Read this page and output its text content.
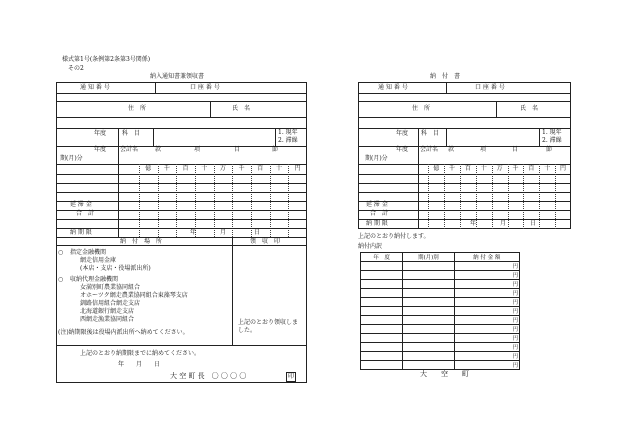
様式第1号(条例第2条第3号関係)
その2
納入通知書兼領収書
通 知 番 号	口 座 番 号
住　所	氏　名
年度	科　目	1. 現年
2. 滞繰
年度
期(月)分
会計名	款	項	目	節
億	千	百	十	万	千	百	十	円
延 滞 金
合　計
納 期 限	年	月	日
納　付　場　所	領　収　印
○ 指定金融機関
網走信用金庫
(本店・支店・役場派出所)
○ 収納代理金融機関
女満別町農業協同組合
オホーツク網走農業協同組合東藻琴支店
釧路信用組合網走支店
北海道銀行網走支店
西網走漁業協同組合
(注)納期限後は役場内派出所へ納めてください。
上記のとおり領収しました。
上記のとおり納期限までに納めてください。
年　　月　　日
大 空 町 長　〇 〇 〇 〇	印
納　付　書
通 知 番 号	口 座 番 号
住　所	氏　名
年度 科　目	1. 現年
2. 滞繰
年度
期(月)分
会計名 款	項	目	節
億	千	百	十	万	千	百	十	円
延 滞 金
合　計
納 期 限	年	月	日
上記のとおり納付します。
納付内訳
年　度	期(月)別	納 付 金 額
		円
		円
		円
		円
		円
		円
		円
		円
		円
		円
		円
		円
大　　空　　町
